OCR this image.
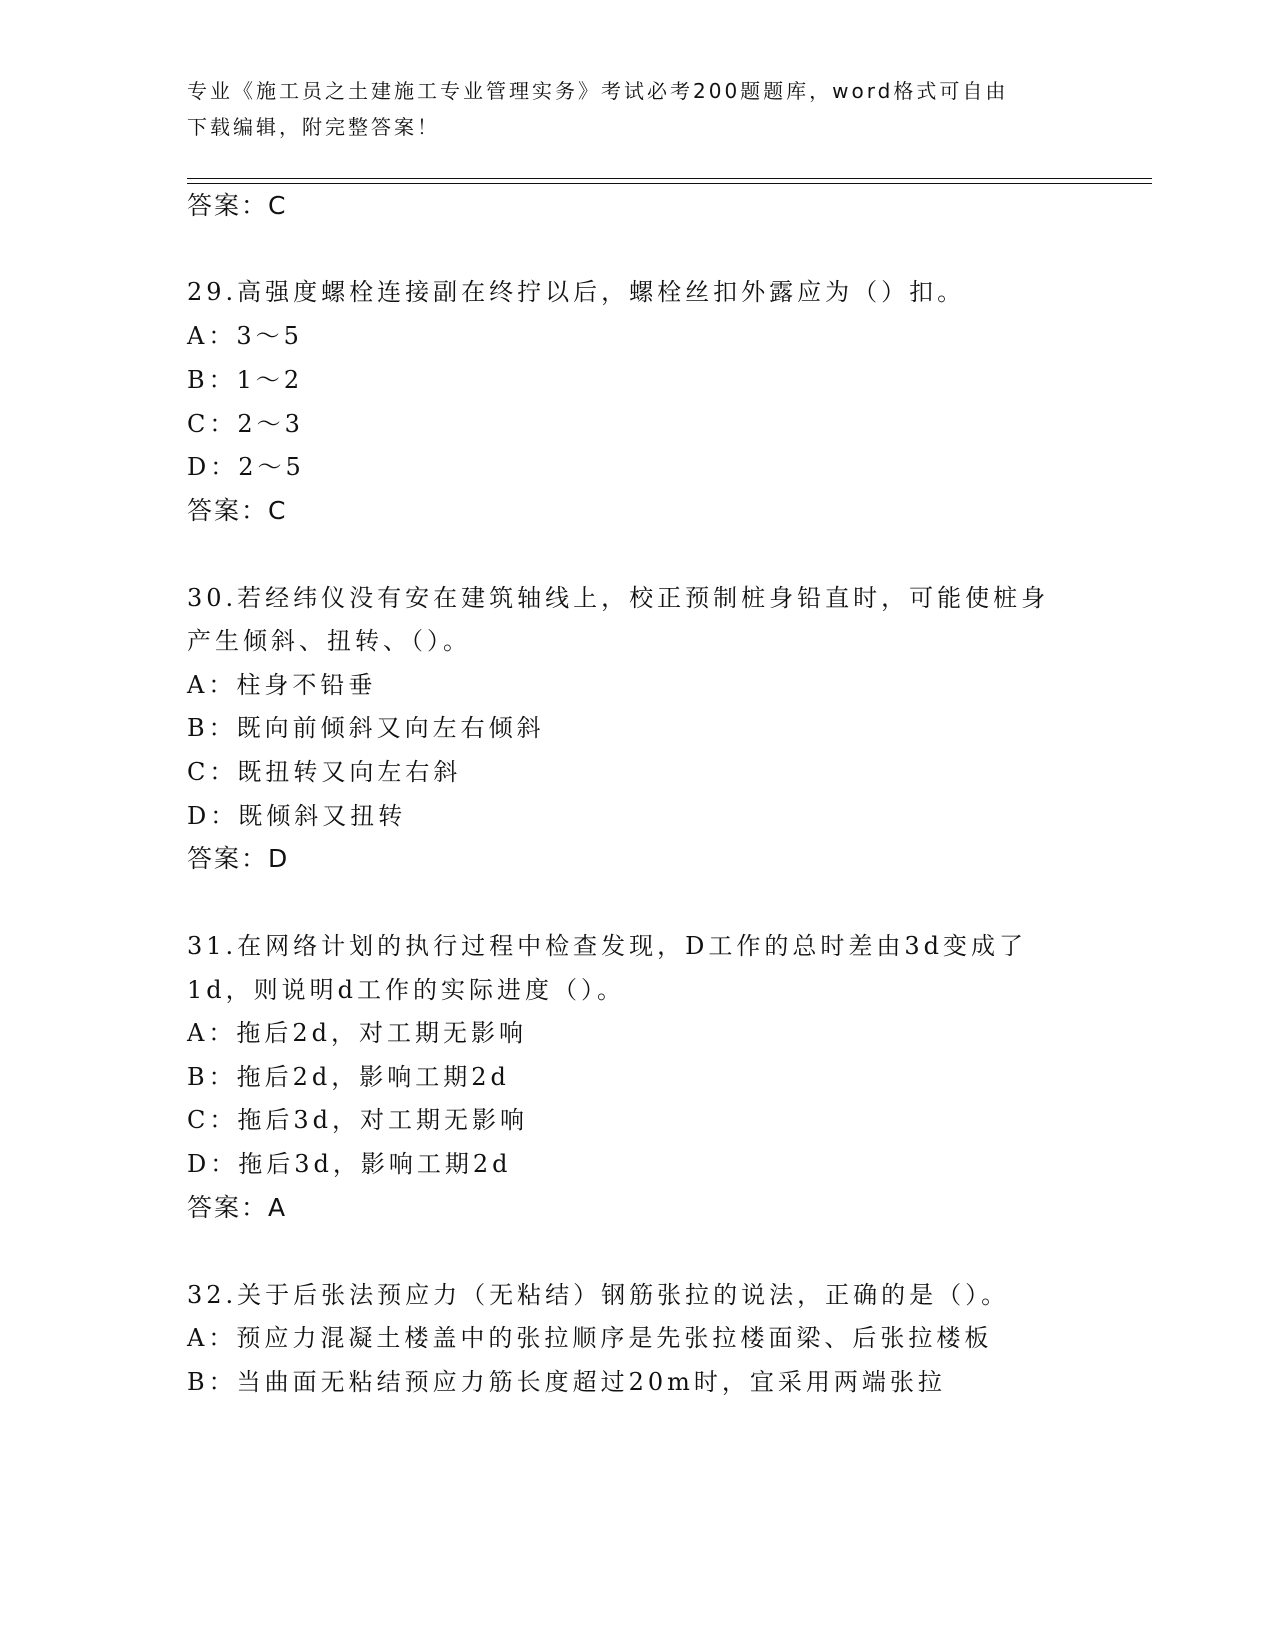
专业《施工员之土建施工专业管理实务》考试必考200题题库，word格式可自由
下载编辑，附完整答案！
答案：C
29.高强度螺栓连接副在终拧以后，螺栓丝扣外露应为（）扣。
A：3～5
B：1～2
C：2～3
D：2～5
答案：C
30.若经纬仪没有安在建筑轴线上，校正预制桩身铅直时，可能使桩身
产生倾斜、扭转、（）。
A：柱身不铅垂
B：既向前倾斜又向左右倾斜
C：既扭转又向左右斜
D：既倾斜又扭转
答案：D
31.在网络计划的执行过程中检查发现，D工作的总时差由3d变成了
1d，则说明d工作的实际进度（）。
A：拖后2d，对工期无影响
B：拖后2d，影响工期2d
C：拖后3d，对工期无影响
D：拖后3d，影响工期2d
答案：A
32.关于后张法预应力（无粘结）钢筋张拉的说法，正确的是（）。
A：预应力混凝土楼盖中的张拉顺序是先张拉楼面梁、后张拉楼板
B：当曲面无粘结预应力筋长度超过20m时，宜采用两端张拉
